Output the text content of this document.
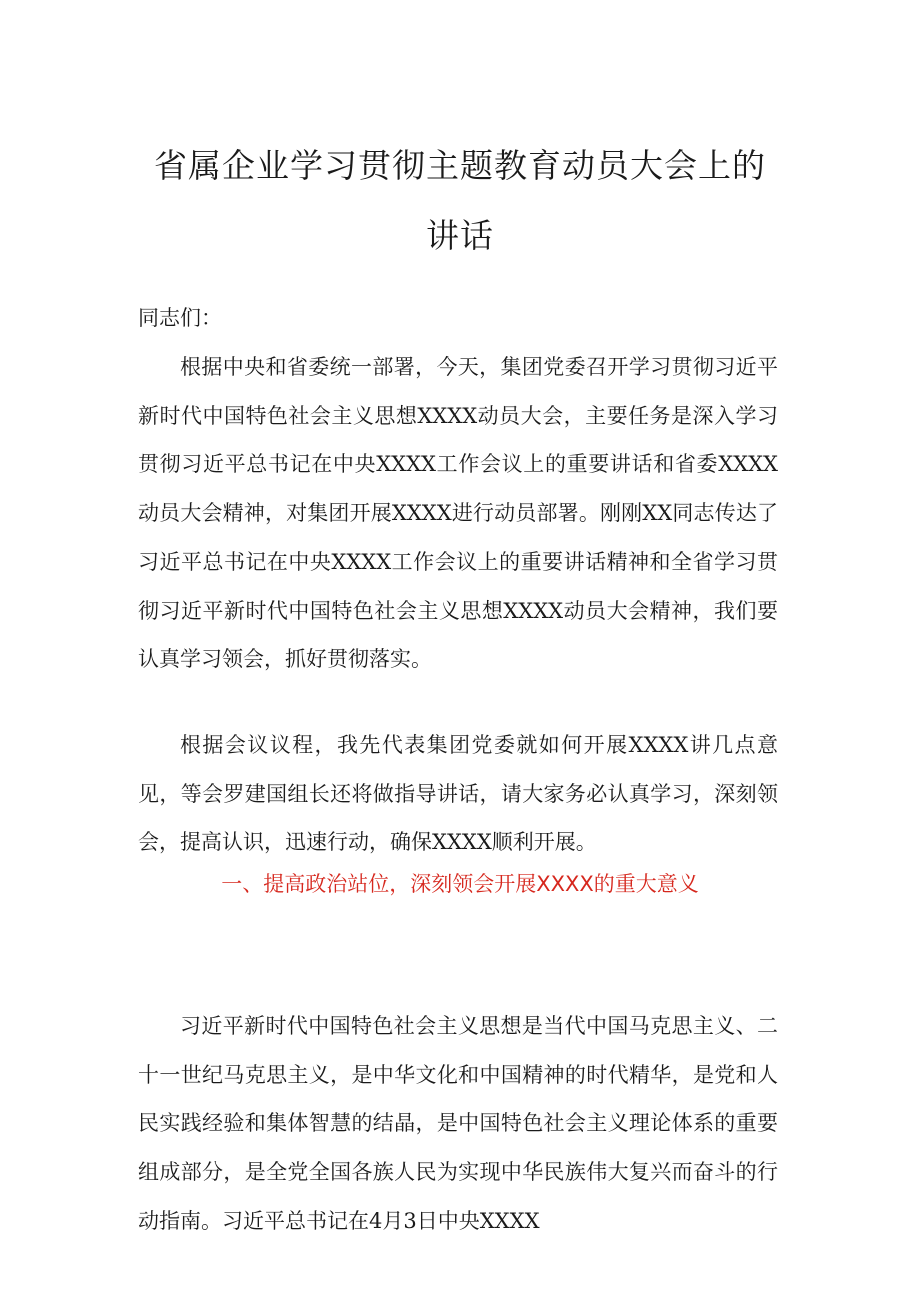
省属企业学习贯彻主题教育动员大会上的
讲话

同志们：

根据中央和省委统一部署，今天，集团党委召开学习贯彻习近平新时代中国特色社会主义思想XXXX动员大会，主要任务是深入学习贯彻习近平总书记在中央XXXX工作会议上的重要讲话和省委XXXX动员大会精神，对集团开展XXXX进行动员部署。刚刚XX同志传达了习近平总书记在中央XXXX工作会议上的重要讲话精神和全省学习贯彻习近平新时代中国特色社会主义思想XXXX动员大会精神，我们要认真学习领会，抓好贯彻落实。

根据会议议程，我先代表集团党委就如何开展XXXX讲几点意见，等会罗建国组长还将做指导讲话，请大家务必认真学习，深刻领会，提高认识，迅速行动，确保XXXX顺利开展。

一、提高政治站位，深刻领会开展XXXX的重大意义

习近平新时代中国特色社会主义思想是当代中国马克思主义、二十一世纪马克思主义，是中华文化和中国精神的时代精华，是党和人民实践经验和集体智慧的结晶，是中国特色社会主义理论体系的重要组成部分，是全党全国各族人民为实现中华民族伟大复兴而奋斗的行动指南。习近平总书记在4月3日中央XXXX
